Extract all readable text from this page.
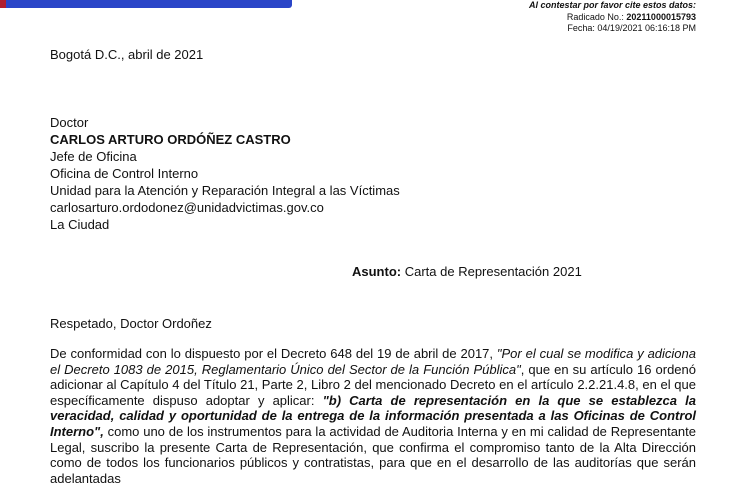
Al contestar por favor cite estos datos:
Radicado No.: 20211000015793
Fecha: 04/19/2021 06:16:18 PM
Bogotá D.C., abril de 2021
Doctor
CARLOS ARTURO ORDÓÑEZ CASTRO
Jefe de Oficina
Oficina de Control Interno
Unidad para la Atención y Reparación Integral a las Víctimas
carlosarturo.ordodonez@unidadvictimas.gov.co
La Ciudad
Asunto: Carta de Representación 2021
Respetado, Doctor Ordoñez

De conformidad con lo dispuesto por el Decreto 648 del 19 de abril de 2017, "Por el cual se modifica y adiciona el Decreto 1083 de 2015, Reglamentario Único del Sector de la Función Pública", que en su artículo 16 ordenó adicionar al Capítulo 4 del Título 21, Parte 2, Libro 2 del mencionado Decreto en el artículo 2.2.21.4.8, en el que específicamente dispuso adoptar y aplicar: "b) Carta de representación en la que se establezca la veracidad, calidad y oportunidad de la entrega de la información presentada a las Oficinas de Control Interno", como uno de los instrumentos para la actividad de Auditoria Interna y en mi calidad de Representante Legal, suscribo la presente Carta de Representación, que confirma el compromiso tanto de la Alta Dirección como de todos los funcionarios públicos y contratistas, para que en el desarrollo de las auditorías que serán adelantadas
